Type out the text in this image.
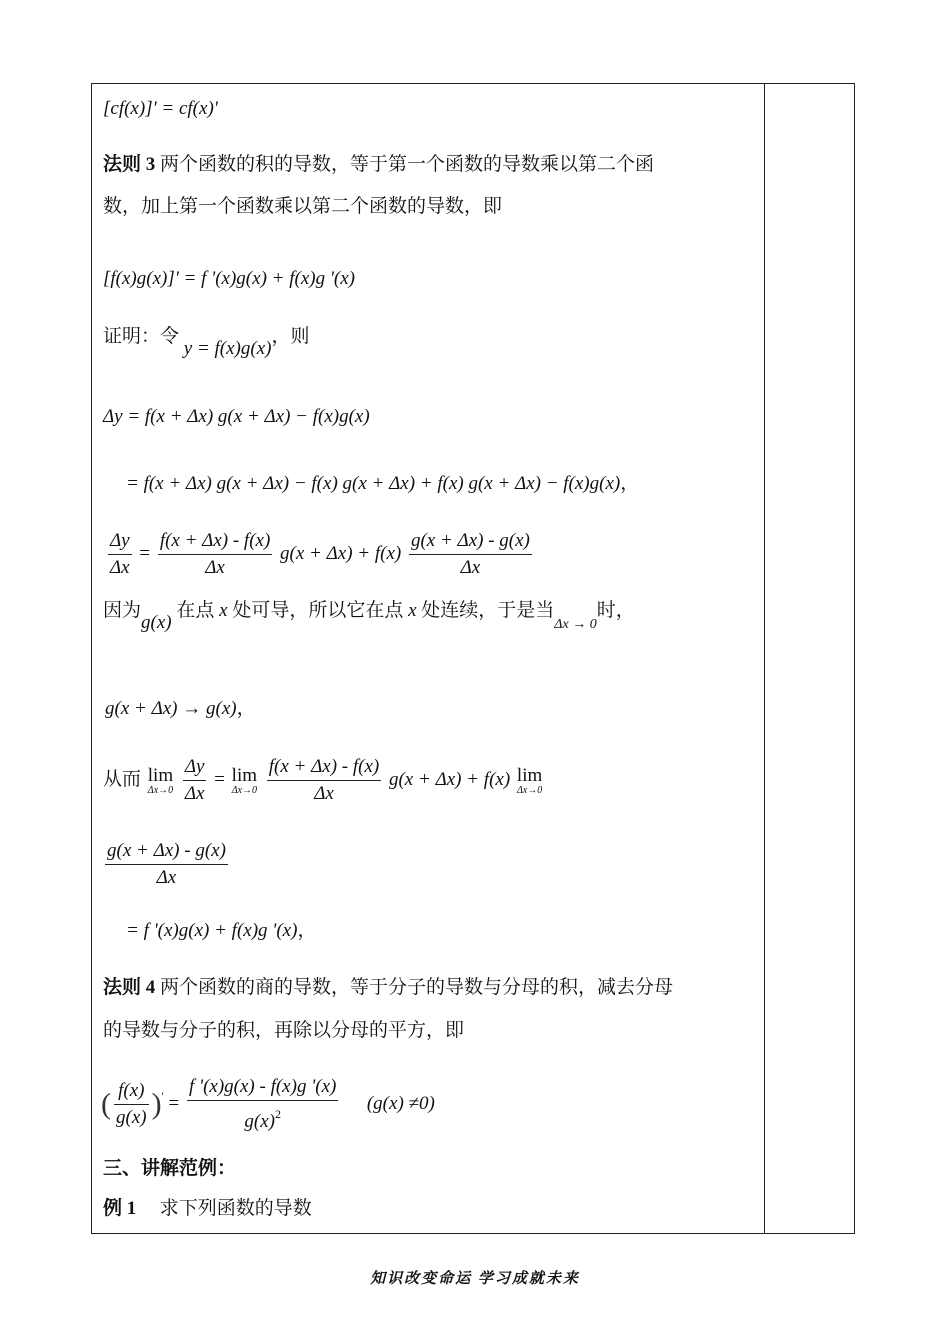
[cf(x)]' = cf(x)'
法则 3 两个函数的积的导数，等于第一个函数的导数乘以第二个函
数，加上第一个函数乘以第二个函数的导数，即
[f(x)g(x)]' = f '(x)g(x) + f(x)g '(x)
证明：令 y = f(x)g(x)，则
Δy = f(x + Δx) g(x + Δx) − f(x)g(x)
= f(x + Δx) g(x + Δx) − f(x) g(x + Δx) + f(x) g(x + Δx) − f(x)g(x)，
$\frac{\Delta y}{\Delta x} = \frac{f(x + \Delta x) - f(x)}{\Delta x} g(x + \Delta x) + f(x) \frac{g(x + \Delta x) - g(x)}{\Delta x}$
因为g(x) 在点 x 处可导，所以它在点 x 处连续，于是当$_{\Delta x \to 0}$时，
g(x + Δx) → g(x)，
从而 lim
Δx→0
$\frac{\Delta y}{\Delta x} = \lim$
Δx→0
$\frac{f(x + \Delta x) - f(x)}{\Delta x} g(x + \Delta x) + f(x)$ lim
Δx→0
$\frac{g(x + \Delta x) - g(x)}{\Delta x}$
= f '(x)g(x) + f(x)g '(x)，
法则 4 两个函数的商的导数，等于分子的导数与分母的积，减去分母
的导数与分子的积，再除以分母的平方，即
( $\frac{f(x)}{g(x)} )' = \frac{f '(x)g(x) - f(x)g '(x)}{g(x)^2} (g(x) \ne 0)$
三、讲解范例：
例 1 求下列函数的导数
知识改变命运 学习成就未来
